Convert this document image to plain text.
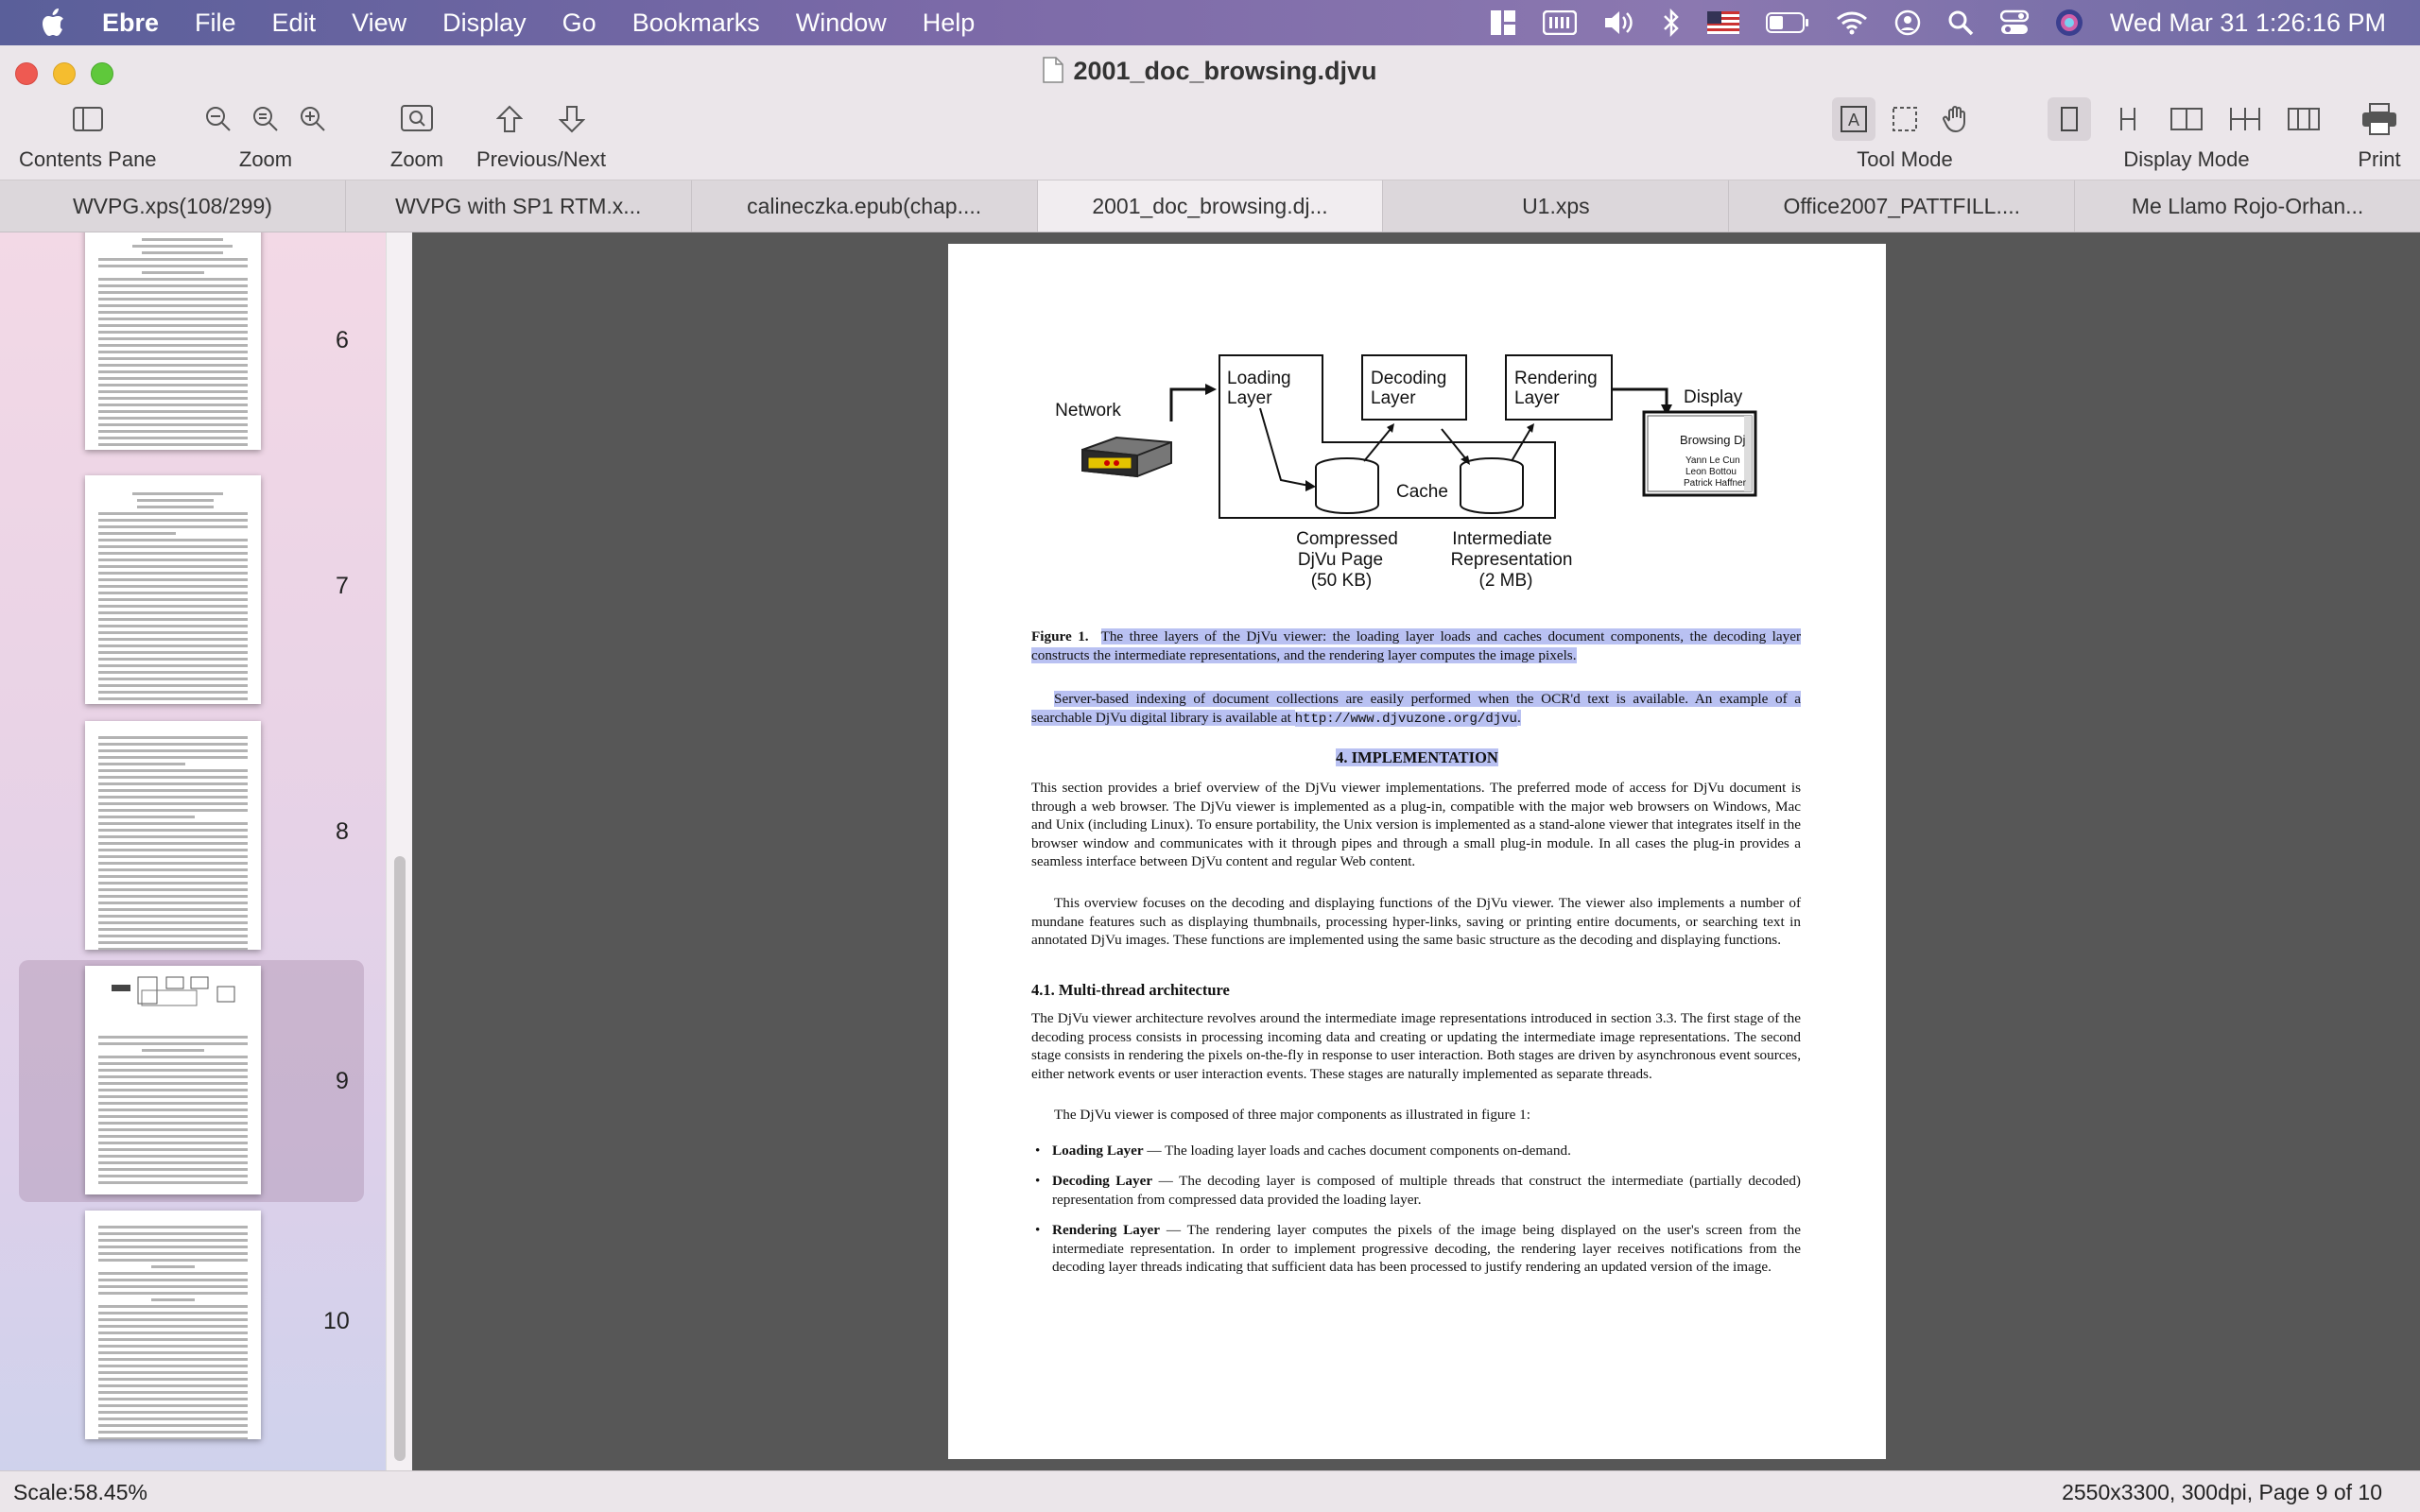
Ebre File Edit View Display Go Bookmarks Window Help	Wed Mar 31 1:26:16 PM
2001_doc_browsing.djvu
Contents Pane	Zoom	Zoom Previous/Next
A
Tool Mode	Display Mode	Print
WVPG.xps(108/299)	WVPG with SP1 RTM.x...	calineczka.epub(chap....	2001_doc_browsing.dj...	U1.xps	Office2007_PATTFILL....	Me Llamo Rojo-Orhan...
6
7
8
9
10
Network
Loading
Layer
Decoding
Layer
Rendering
Layer
Cache
Display
Browsing Dj
Yann Le Cun
Leon Bottou
Patrick Haffner
Compressed
DjVu Page
(50 KB)
Intermediate
Representation
(2 MB)
Figure 1. The three layers of the DjVu viewer: the loading layer loads and caches document components, the decoding layer constructs the intermediate representations, and the rendering layer computes the image pixels.
Server-based indexing of document collections are easily performed when the OCR'd text is available. An example of a searchable DjVu digital library is available at http://www.djvuzone.org/djvu.
4. IMPLEMENTATION
This section provides a brief overview of the DjVu viewer implementations. The preferred mode of access for DjVu document is through a web browser. The DjVu viewer is implemented as a plug-in, compatible with the major web browsers on Windows, Mac and Unix (including Linux). To ensure portability, the Unix version is implemented as a stand-alone viewer that integrates itself in the browser window and communicates with it through pipes and through a small plug-in module. In all cases the plug-in provides a seamless interface between DjVu content and regular Web content.
This overview focuses on the decoding and displaying functions of the DjVu viewer. The viewer also implements a number of mundane features such as displaying thumbnails, processing hyper-links, saving or printing entire documents, or searching text in annotated DjVu images. These functions are implemented using the same basic structure as the decoding and displaying functions.
4.1. Multi-thread architecture
The DjVu viewer architecture revolves around the intermediate image representations introduced in section 3.3. The first stage of the decoding process consists in processing incoming data and creating or updating the intermediate image representations. The second stage consists in rendering the pixels on-the-fly in response to user interaction. Both stages are driven by asynchronous event sources, either network events or user interaction events. These stages are naturally implemented as separate threads.
The DjVu viewer is composed of three major components as illustrated in figure 1:
• Loading Layer — The loading layer loads and caches document components on-demand.
• Decoding Layer — The decoding layer is composed of multiple threads that construct the intermediate (partially decoded) representation from compressed data provided the loading layer.
• Rendering Layer — The rendering layer computes the pixels of the image being displayed on the user's screen from the intermediate representation. In order to implement progressive decoding, the rendering layer receives notifications from the decoding layer threads indicating that sufficient data has been processed to justify rendering an updated version of the image.
Scale:58.45%	2550x3300, 300dpi, Page 9 of 10
